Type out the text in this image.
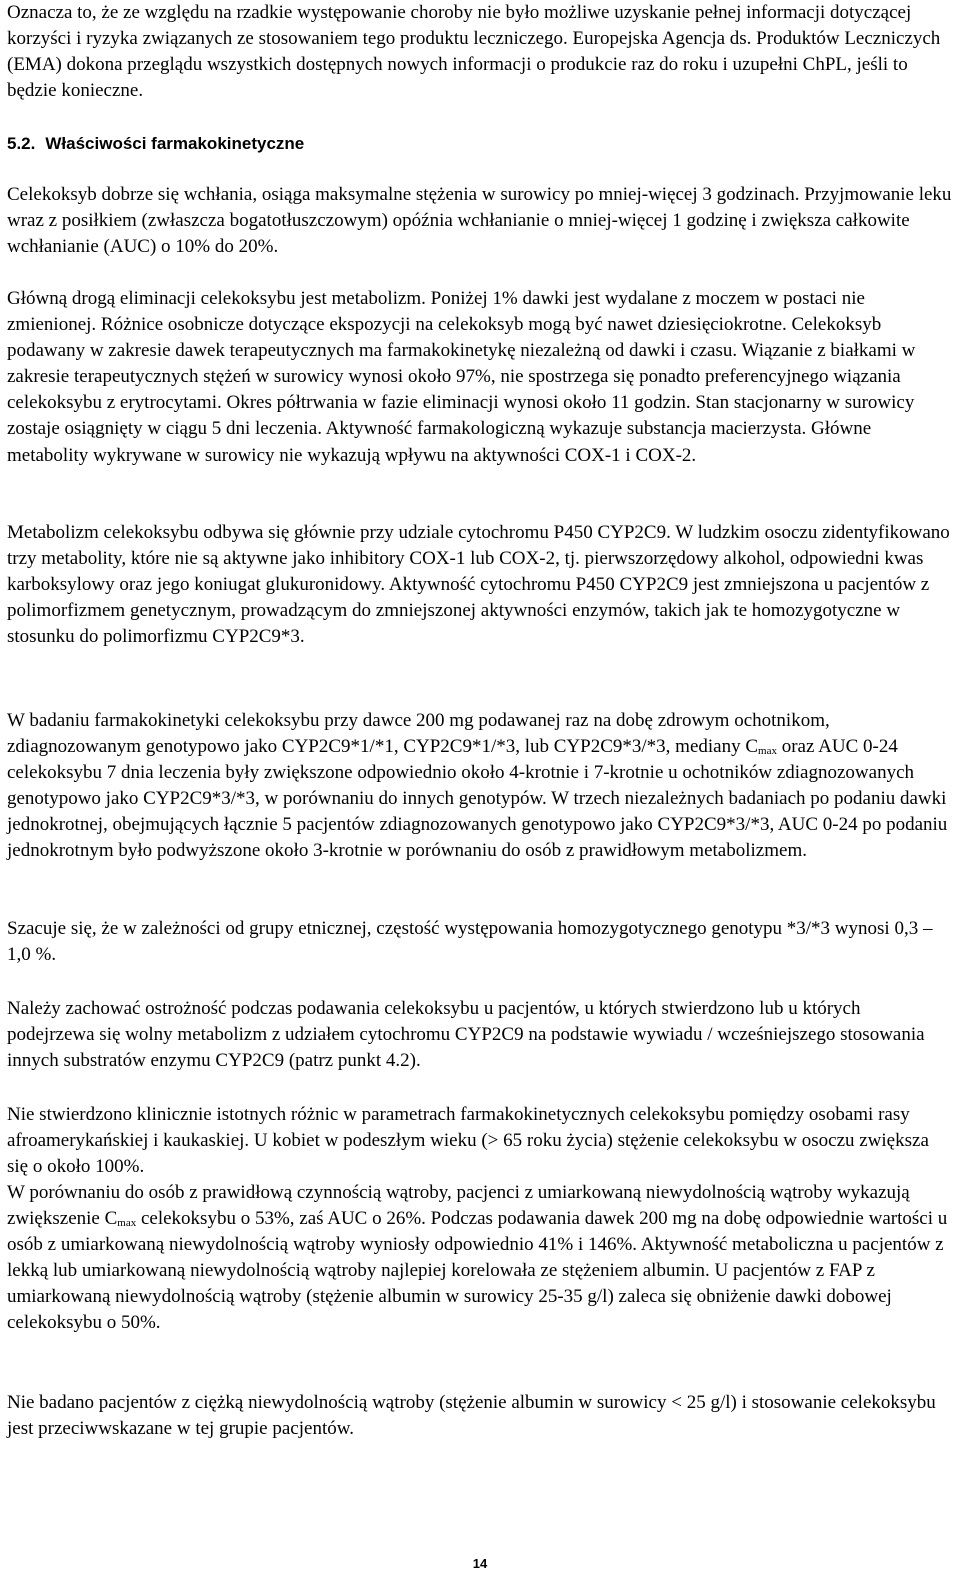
Oznacza to, że ze względu na rzadkie występowanie choroby nie było możliwe uzyskanie pełnej informacji dotyczącej korzyści i ryzyka związanych ze stosowaniem tego produktu leczniczego. Europejska Agencja ds. Produktów Leczniczych (EMA) dokona przeglądu wszystkich dostępnych nowych informacji o produkcie raz do roku i uzupełni ChPL, jeśli to będzie konieczne.

5.2. Właściwości farmakokinetyczne

Celekoksyb dobrze się wchłania, osiąga maksymalne stężenia w surowicy po mniej-więcej 3 godzinach. Przyjmowanie leku wraz z posiłkiem (zwłaszcza bogatotłuszczowym) opóźnia wchłanianie o mniej-więcej 1 godzinę i zwiększa całkowite wchłanianie (AUC) o 10% do 20%.

Główną drogą eliminacji celekoksybu jest metabolizm. Poniżej 1% dawki jest wydalane z moczem w postaci nie zmienionej. Różnice osobnicze dotyczące ekspozycji na celekoksyb mogą być nawet dziesięciokrotne. Celekoksyb podawany w zakresie dawek terapeutycznych ma farmakokinetykę niezależną od dawki i czasu. Wiązanie z białkami w zakresie terapeutycznych stężeń w surowicy wynosi około 97%, nie spostrzega się ponadto preferencyjnego wiązania celekoksybu z erytrocytami. Okres półtrwania w fazie eliminacji wynosi około 11 godzin. Stan stacjonarny w surowicy zostaje osiągnięty w ciągu 5 dni leczenia. Aktywność farmakologiczną wykazuje substancja macierzysta. Główne metabolity wykrywane w surowicy nie wykazują wpływu na aktywności COX-1 i COX-2.

Metabolizm celekoksybu odbywa się głównie przy udziale cytochromu P450 CYP2C9. W ludzkim osoczu zidentyfikowano trzy metabolity, które nie są aktywne jako inhibitory COX-1 lub COX-2, tj. pierwszorzędowy alkohol, odpowiedni kwas karboksylowy oraz jego koniugat glukuronidowy. Aktywność cytochromu P450 CYP2C9 jest zmniejszona u pacjentów z polimorfizmem genetycznym, prowadzącym do zmniejszonej aktywności enzymów, takich jak te homozygotyczne w stosunku do polimorfizmu CYP2C9*3.

W badaniu farmakokinetyki celekoksybu przy dawce 200 mg podawanej raz na dobę zdrowym ochotnikom, zdiagnozowanym genotypowo jako CYP2C9*1/*1, CYP2C9*1/*3, lub CYP2C9*3/*3, mediany $C_{max}$ oraz AUC 0-24 celekoksybu 7 dnia leczenia były zwiększone odpowiednio około 4-krotnie i 7-krotnie u ochotników zdiagnozowanych genotypowo jako CYP2C9*3/*3, w porównaniu do innych genotypów. W trzech niezależnych badaniach po podaniu dawki jednokrotnej, obejmujących łącznie 5 pacjentów zdiagnozowanych genotypowo jako CYP2C9*3/*3, AUC 0-24 po podaniu jednokrotnym było podwyższone około 3-krotnie w porównaniu do osób z prawidłowym metabolizmem.

Szacuje się, że w zależności od grupy etnicznej, częstość występowania homozygotycznego genotypu *3/*3 wynosi 0,3 – 1,0 %.

Należy zachować ostrożność podczas podawania celekoksybu u pacjentów, u których stwierdzono lub u których podejrzewa się wolny metabolizm z udziałem cytochromu CYP2C9 na podstawie wywiadu / wcześniejszego stosowania innych substratów enzymu CYP2C9 (patrz punkt 4.2).

Nie stwierdzono klinicznie istotnych różnic w parametrach farmakokinetycznych celekoksybu pomiędzy osobami rasy afroamerykańskiej i kaukaskiej. U kobiet w podeszłym wieku (> 65 roku życia) stężenie celekoksybu w osoczu zwiększa się o około 100%.

W porównaniu do osób z prawidłową czynnością wątroby, pacjenci z umiarkowaną niewydolnością wątroby wykazują zwiększenie $C_{max}$ celekoksybu o 53%, zaś AUC o 26%. Podczas podawania dawek 200 mg na dobę odpowiednie wartości u osób z umiarkowaną niewydolnością wątroby wyniosły odpowiednio 41% i 146%. Aktywność metaboliczna u pacjentów z lekką lub umiarkowaną niewydolnością wątroby najlepiej korelowała ze stężeniem albumin. U pacjentów z FAP z umiarkowaną niewydolnością wątroby (stężenie albumin w surowicy 25-35 g/l) zaleca się obniżenie dawki dobowej celekoksybu o 50%.

Nie badano pacjentów z ciężką niewydolnością wątroby (stężenie albumin w surowicy < 25 g/l) i stosowanie celekoksybu jest przeciwwskazane w tej grupie pacjentów.

14
